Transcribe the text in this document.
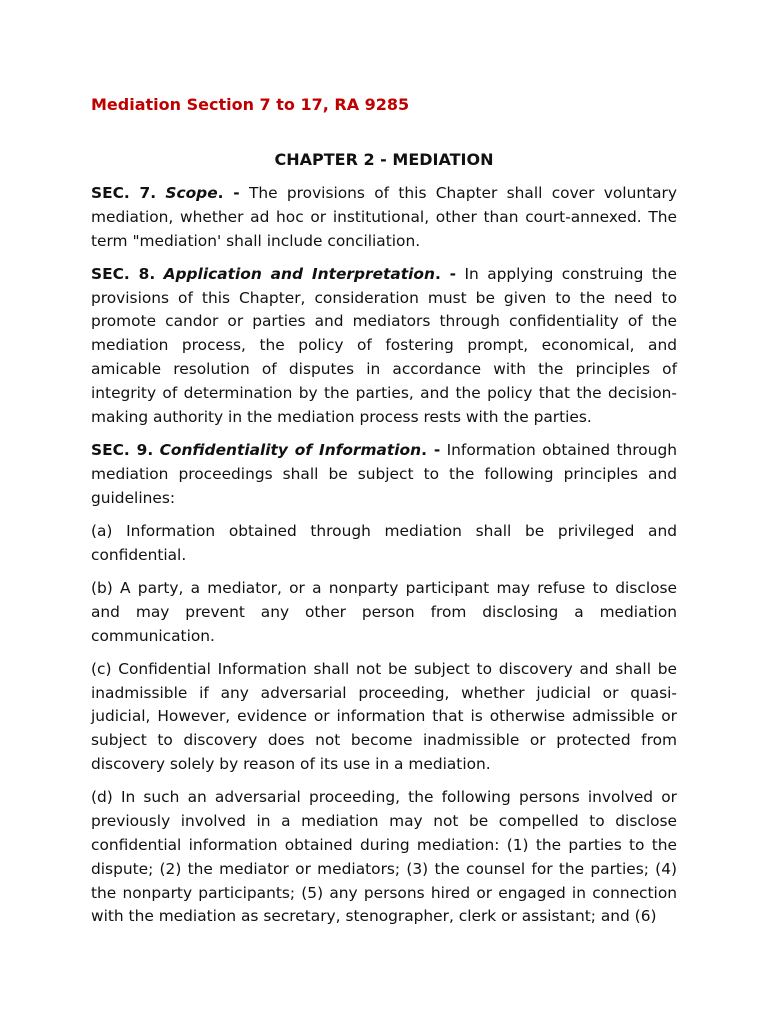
Mediation Section 7 to 17, RA 9285
CHAPTER 2 - MEDIATION

SEC. 7. Scope. - The provisions of this Chapter shall cover voluntary mediation, whether ad hoc or institutional, other than court-annexed. The term "mediation' shall include conciliation.

SEC. 8. Application and Interpretation. - In applying construing the provisions of this Chapter, consideration must be given to the need to promote candor or parties and mediators through confidentiality of the mediation process, the policy of fostering prompt, economical, and amicable resolution of disputes in accordance with the principles of integrity of determination by the parties, and the policy that the decision-making authority in the mediation process rests with the parties.

SEC. 9. Confidentiality of Information. - Information obtained through mediation proceedings shall be subject to the following principles and guidelines:

(a) Information obtained through mediation shall be privileged and confidential.

(b) A party, a mediator, or a nonparty participant may refuse to disclose and may prevent any other person from disclosing a mediation communication.

(c) Confidential Information shall not be subject to discovery and shall be inadmissible if any adversarial proceeding, whether judicial or quasi-judicial, However, evidence or information that is otherwise admissible or subject to discovery does not become inadmissible or protected from discovery solely by reason of its use in a mediation.

(d) In such an adversarial proceeding, the following persons involved or previously involved in a mediation may not be compelled to disclose confidential information obtained during mediation: (1) the parties to the dispute; (2) the mediator or mediators; (3) the counsel for the parties; (4) the nonparty participants; (5) any persons hired or engaged in connection with the mediation as secretary, stenographer, clerk or assistant; and (6)
